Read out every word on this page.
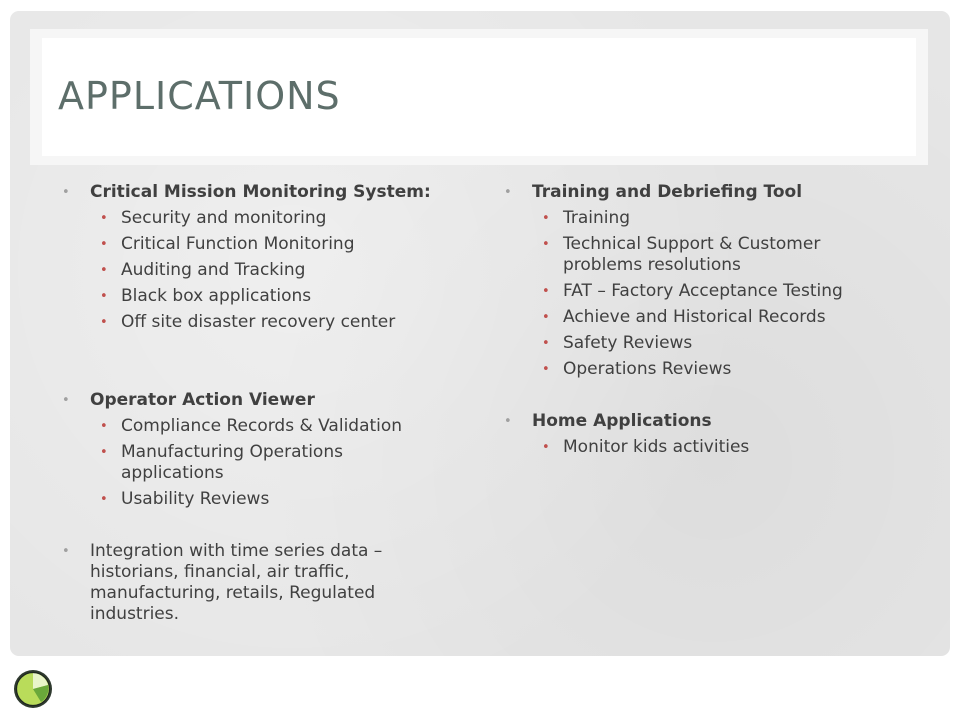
APPLICATIONS
• Critical Mission Monitoring System:
• Security and monitoring
• Critical Function Monitoring
• Auditing and Tracking
• Black box applications
• Off site disaster recovery center
• Operator Action Viewer
• Compliance Records & Validation
• Manufacturing Operations applications
• Usability Reviews
• Integration with time series data – historians, financial, air traffic, manufacturing, retails, Regulated industries.
• Training and Debriefing Tool
• Training
• Technical Support & Customer problems resolutions
• FAT – Factory Acceptance Testing
• Achieve and Historical Records
• Safety Reviews
• Operations Reviews
• Home Applications
• Monitor kids activities
